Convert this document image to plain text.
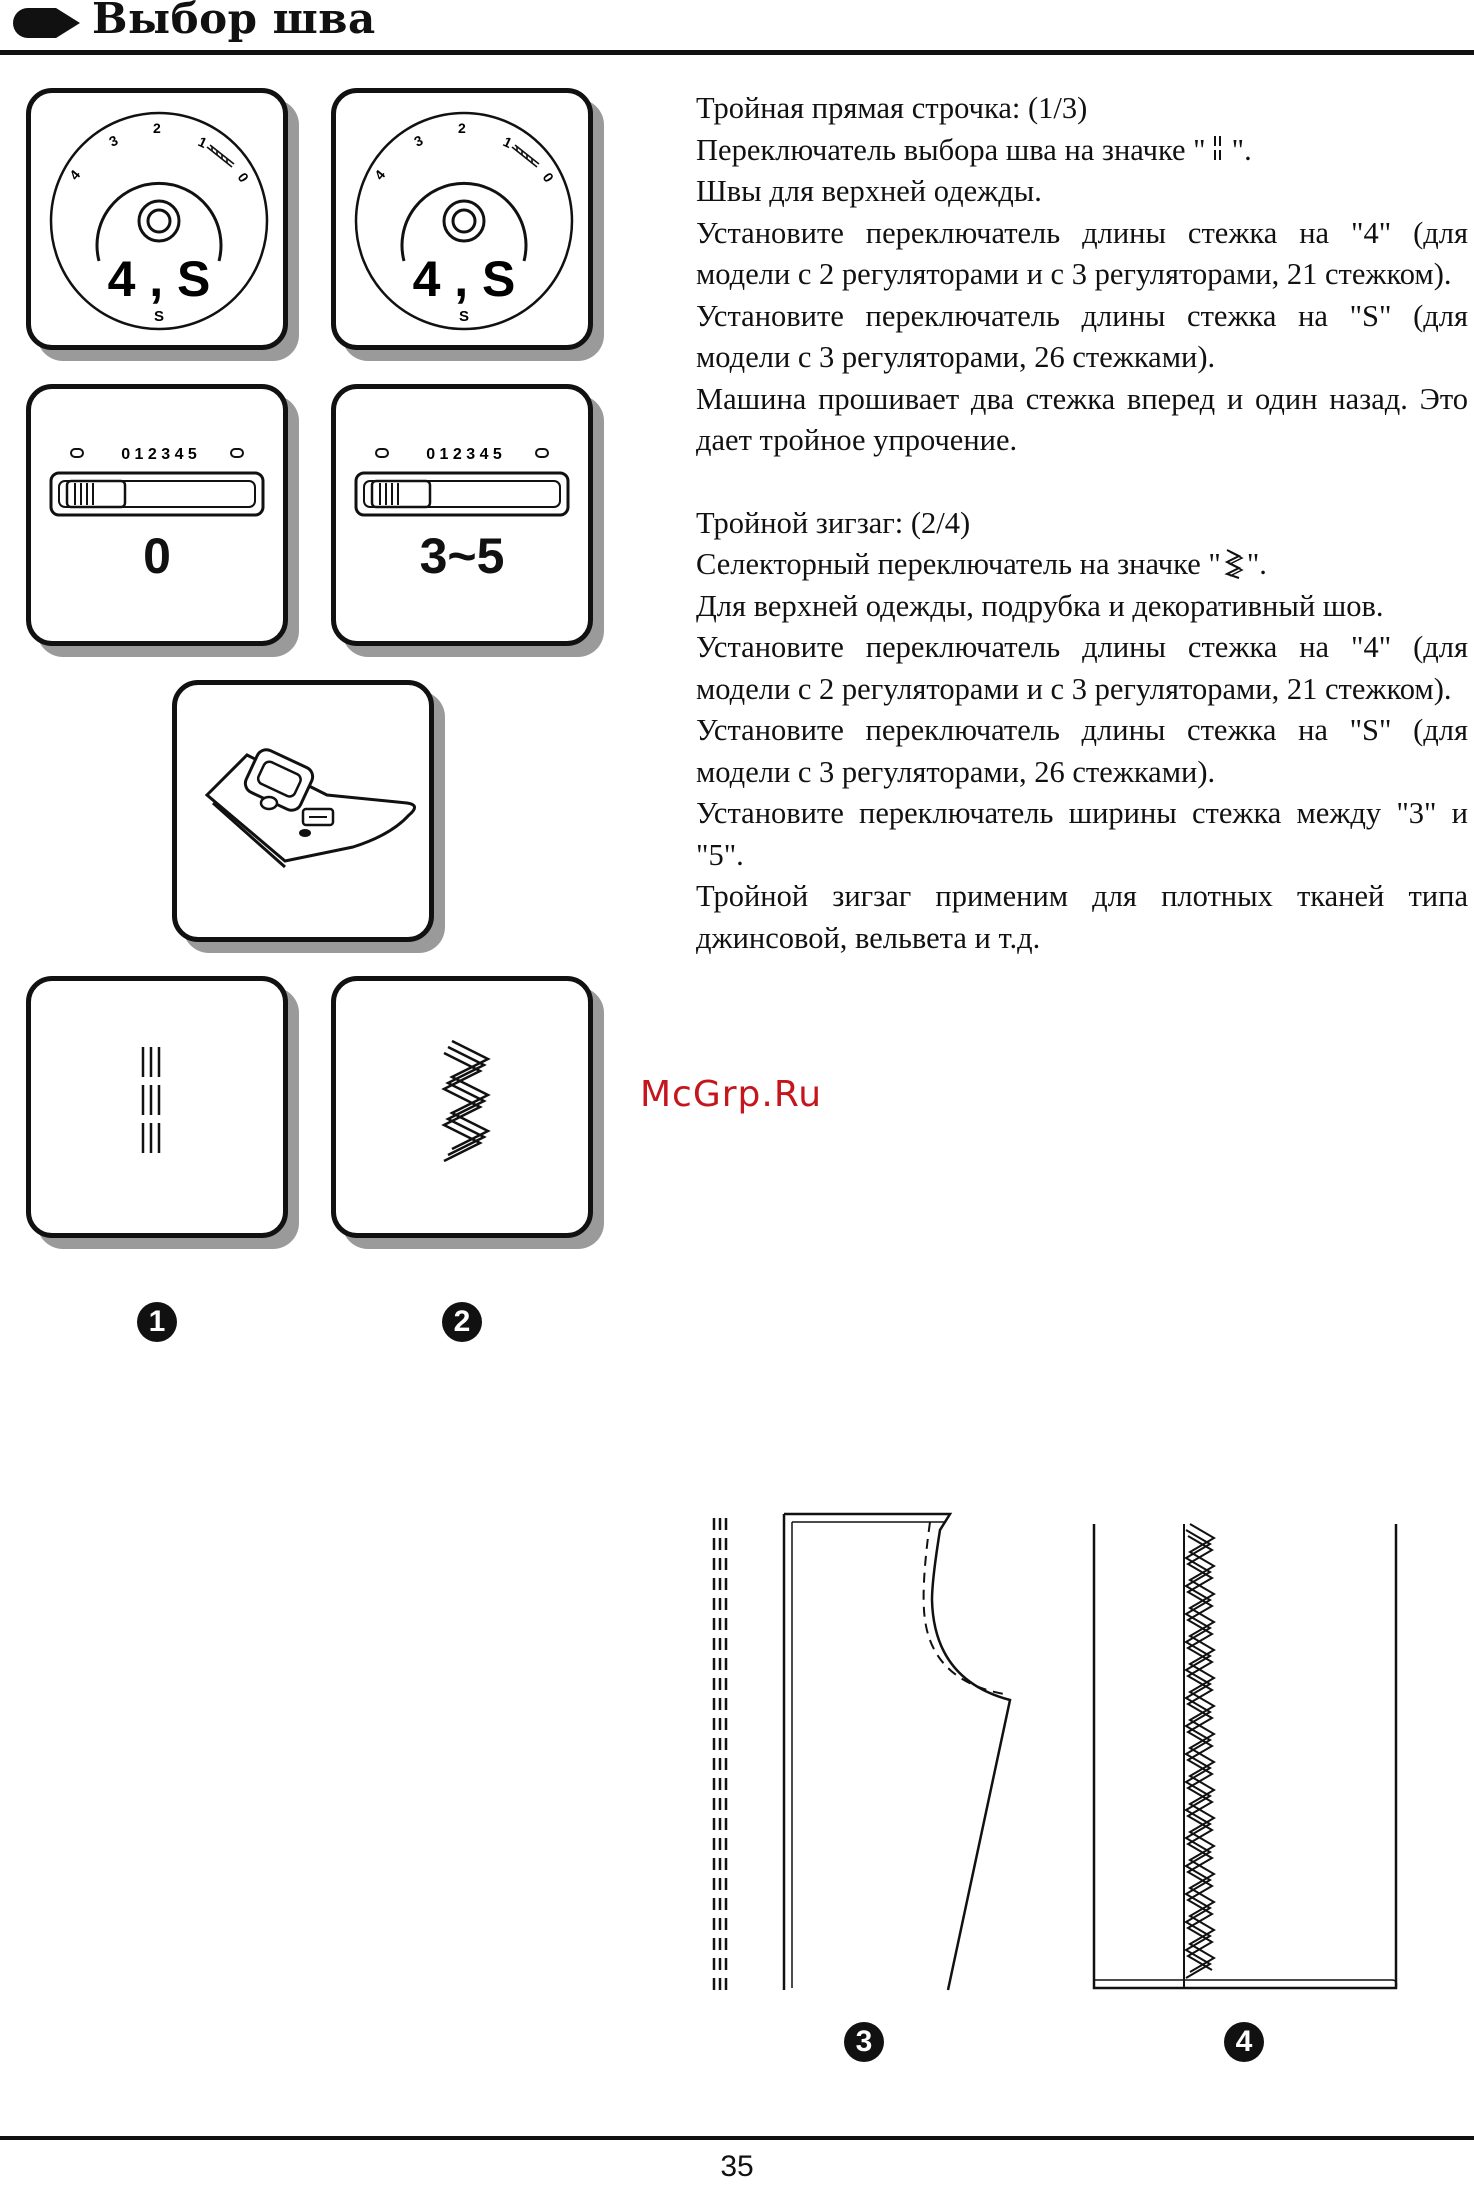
Выбор шва
4
3
2
1
0
4 , S
S
4
3
2
1
0
4 , S
S
0 1 2 3 4 5
0
0 1 2 3 4 5
3~5
1	2
3	4

Тройная прямая строчка: (1/3)

Переключатель выбора шва на значке " ".

Швы для верхней одежды.

Установите переключатель длины стежка на "4" (для модели с 2 регуляторами и с 3 регуляторами, 21 стежком).

Установите переключатель длины стежка на "S" (для модели с 3 регуляторами, 26 стежками).

Машина прошивает два стежка вперед и один назад. Это дает тройное упрочение.

Тройной зигзаг: (2/4)

Селекторный переключатель на значке " ".

Для верхней одежды, подрубка и декоративный шов.

Установите переключатель длины стежка на "4" (для модели с 2 регуляторами и с 3 регуляторами, 21 стежком).

Установите переключатель длины стежка на "S" (для модели с 3 регуляторами, 26 стежками).

Установите переключатель ширины стежка между "3" и "5".

Тройной зигзаг применим для плотных тканей типа джинсовой, вельвета и т.д.

McGrp.Ru
35
